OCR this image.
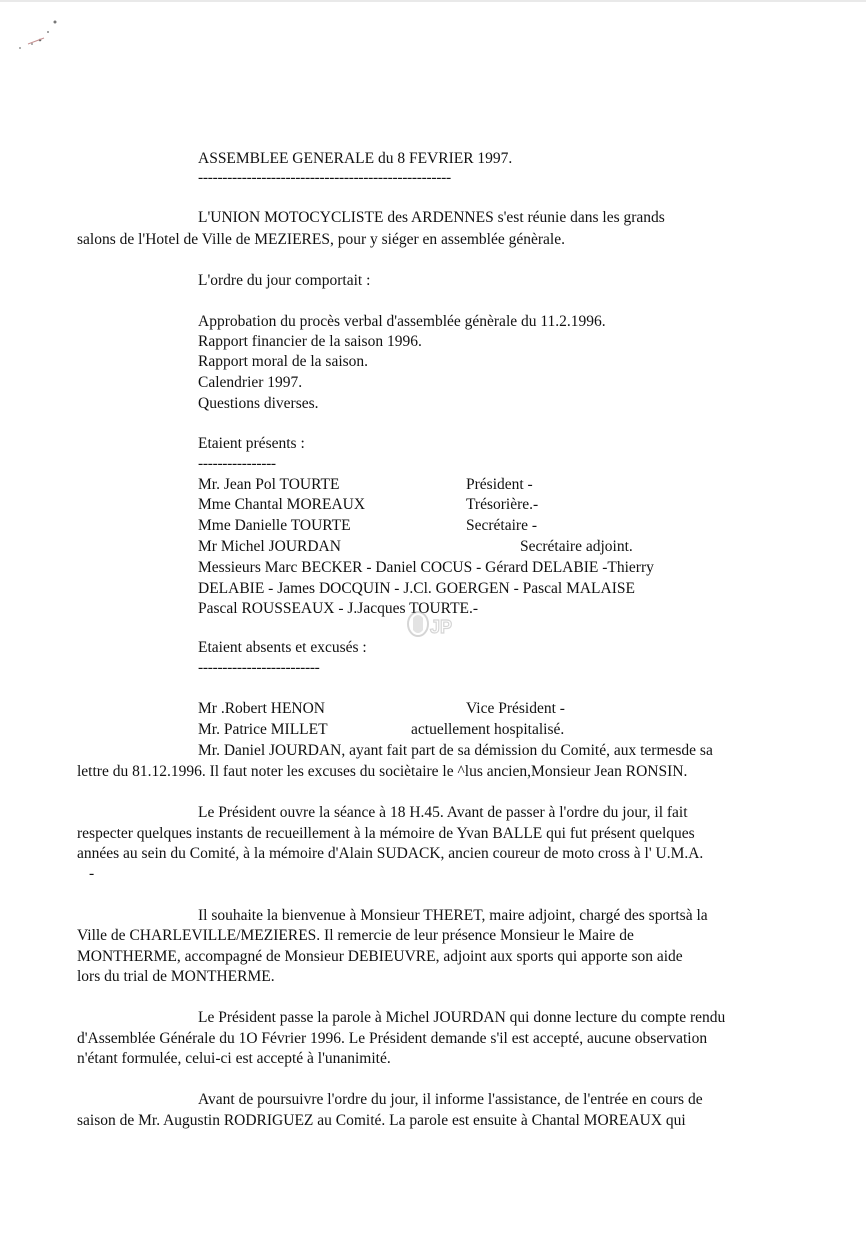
ASSEMBLEE GENERALE du 8 FEVRIER 1997.
----------------------------------------------------
L'UNION MOTOCYCLISTE des ARDENNES s'est réunie dans les grands
salons de l'Hotel de Ville de MEZIERES, pour y siéger en assemblée génèrale.
L'ordre du jour comportait :
Approbation du procès verbal d'assemblée génèrale du 11.2.1996.
Rapport financier de la saison 1996.
Rapport moral de la saison.
Calendrier 1997.
Questions diverses.
Etaient présents :
----------------
Mr. Jean Pol TOURTE	Président -
Mme Chantal MOREAUX	Trésorière.-
Mme Danielle TOURTE	Secrétaire -
Mr Michel JOURDAN	Secrétaire adjoint.
Messieurs Marc BECKER - Daniel COCUS - Gérard DELABIE -Thierry
DELABIE - James DOCQUIN - J.Cl. GOERGEN - Pascal MALAISE
Pascal ROUSSEAUX - J.Jacques TOURTE.-
JP
Etaient absents et excusés :
-------------------------
Mr .Robert HENON	Vice Président -
Mr. Patrice MILLET	actuellement hospitalisé.
Mr. Daniel JOURDAN, ayant fait part de sa démission du Comité, aux termesde sa
lettre du 81.12.1996. Il faut noter les excuses du sociètaire le ^lus ancien,Monsieur Jean RONSIN.
Le Président ouvre la séance à 18 H.45. Avant de passer à l'ordre du jour, il fait
respecter quelques instants de recueillement à la mémoire de Yvan BALLE qui fut présent quelques
années au sein du Comité, à la mémoire d'Alain SUDACK, ancien coureur de moto cross à l' U.M.A.
-
Il souhaite la bienvenue à Monsieur THERET, maire adjoint, chargé des sportsà la
Ville de CHARLEVILLE/MEZIERES. Il remercie de leur présence Monsieur le Maire de
MONTHERME, accompagné de Monsieur DEBIEUVRE, adjoint aux sports qui apporte son aide
lors du trial de MONTHERME.
Le Président passe la parole à Michel JOURDAN qui donne lecture du compte rendu
d'Assemblée Générale du 1O Février 1996. Le Président demande s'il est accepté, aucune observation
n'étant formulée, celui-ci est accepté à l'unanimité.
Avant de poursuivre l'ordre du jour, il informe l'assistance, de l'entrée en cours de
saison de Mr. Augustin RODRIGUEZ au Comité. La parole est ensuite à Chantal MOREAUX qui
